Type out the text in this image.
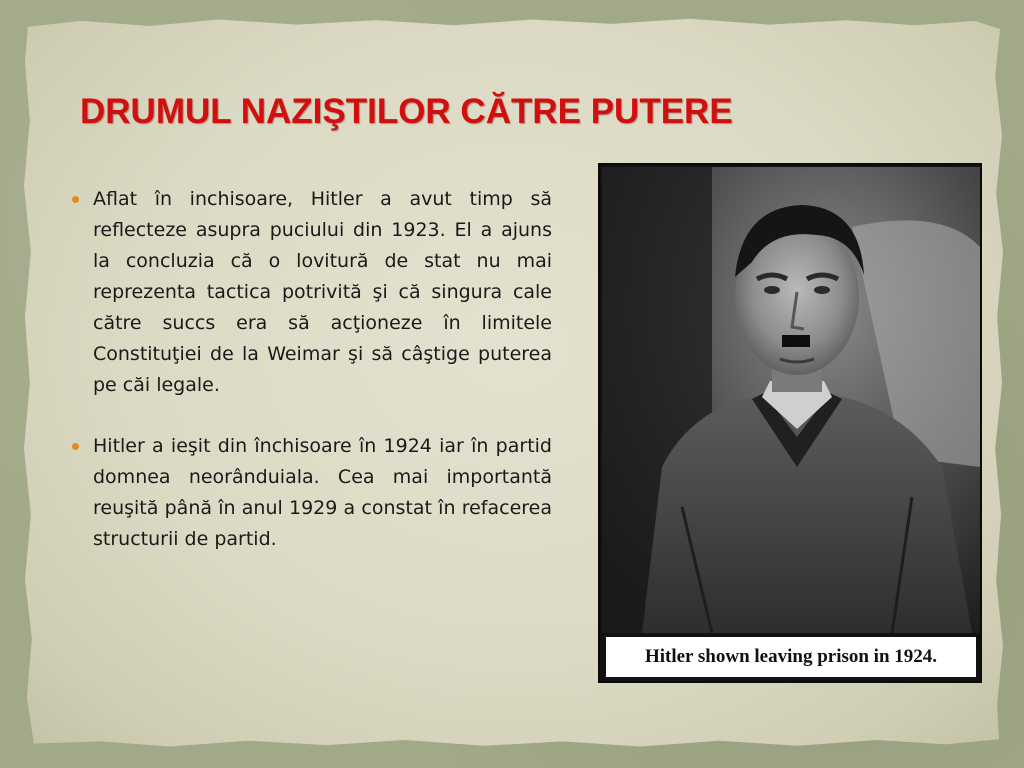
DRUMUL NAZIŞTILOR CĂTRE PUTERE
Aflat în inchisoare, Hitler a avut timp să reflecteze asupra puciului din 1923. El a ajuns la concluzia că o lovitură de stat nu mai reprezenta tactica potrivită şi că singura cale către succs era să acţioneze în limitele Constituţiei de la Weimar şi să câştige puterea pe căi legale.
Hitler a ieşit din închisoare în 1924 iar în partid domnea neorânduiala. Cea mai importantă reuşită până în anul 1929 a constat în refacerea structurii de partid.
Hitler shown leaving prison in 1924.
